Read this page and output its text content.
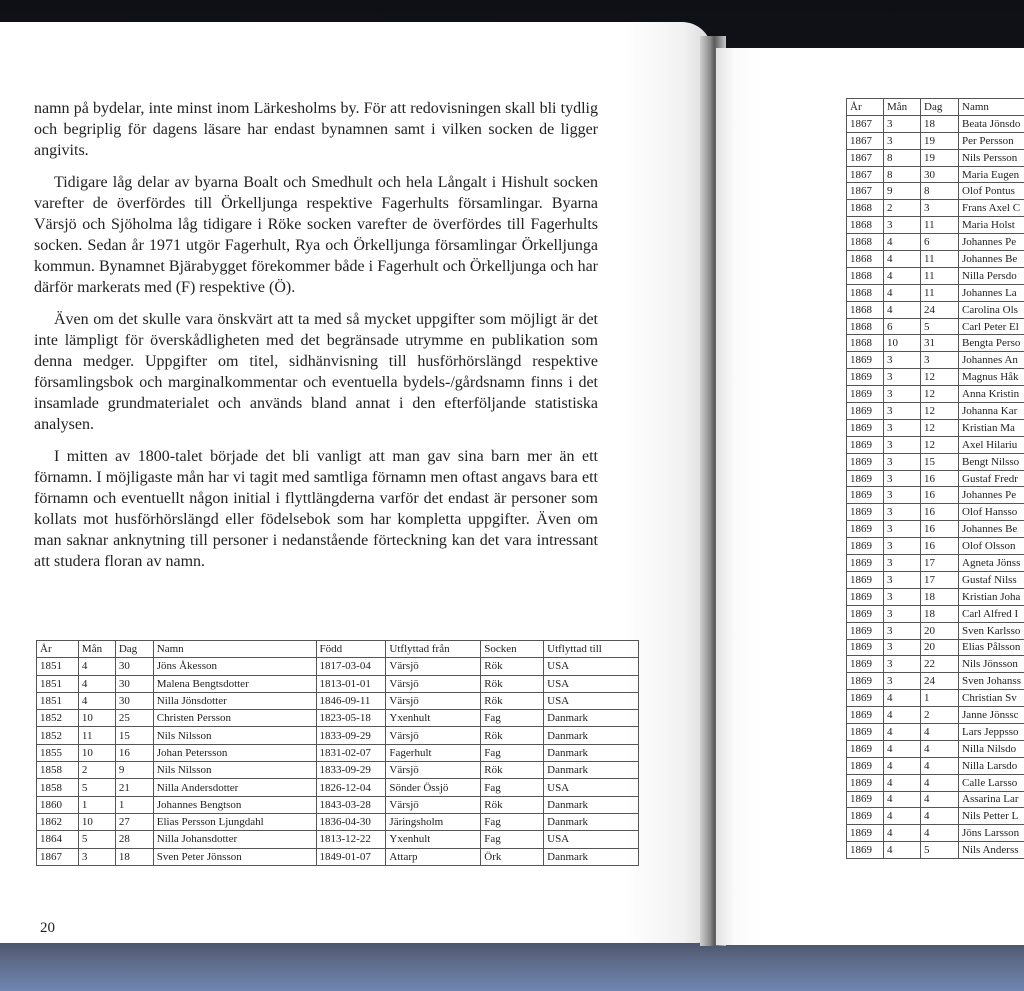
namn på bydelar, inte minst inom Lärkesholms by. För att redovisningen skall bli tydlig och begriplig för dagens läsare har endast bynamnen samt i vilken socken de ligger angivits.

Tidigare låg delar av byarna Boalt och Smedhult och hela Långalt i Hishult socken varefter de överfördes till Örkelljunga respektive Fagerhults församlingar. Byarna Värsjö och Sjöholma låg tidigare i Röke socken varefter de överfördes till Fagerhults socken. Sedan år 1971 utgör Fagerhult, Rya och Örkelljunga församlingar Örkelljunga kommun. Bynamnet Bjärabygget förekommer både i Fagerhult och Örkelljunga och har därför markerats med (F) respektive (Ö).

Även om det skulle vara önskvärt att ta med så mycket uppgifter som möjligt är det inte lämpligt för överskådligheten med det begränsade utrymme en publikation som denna medger. Uppgifter om titel, sidhänvisning till husförhörslängd respektive församlingsbok och marginalkommentar och eventuella bydels-/gårdsnamn finns i det insamlade grundmaterialet och används bland annat i den efterföljande statistiska analysen.

I mitten av 1800-talet började det bli vanligt att man gav sina barn mer än ett förnamn. I möjligaste mån har vi tagit med samtliga förnamn men oftast angavs bara ett förnamn och eventuellt någon initial i flyttlängderna varför det endast är personer som kollats mot husförhörslängd eller födelsebok som har kompletta uppgifter. Även om man saknar anknytning till personer i nedanstående förteckning kan det vara intressant att studera floran av namn.

20
År	Mån	Dag	Namn	Född	Utflyttad från	Socken	Utflyttad till
1851	4	30	Jöns Åkesson	1817-03-04	Värsjö	Rök	USA
1851	4	30	Malena Bengtsdotter	1813-01-01	Värsjö	Rök	USA
1851	4	30	Nilla Jönsdotter	1846-09-11	Värsjö	Rök	USA
1852	10	25	Christen Persson	1823-05-18	Yxenhult	Fag	Danmark
1852	11	15	Nils Nilsson	1833-09-29	Värsjö	Rök	Danmark
1855	10	16	Johan Petersson	1831-02-07	Fagerhult	Fag	Danmark
1858	2	9	Nils Nilsson	1833-09-29	Värsjö	Rök	Danmark
1858	5	21	Nilla Andersdotter	1826-12-04	Sönder Össjö	Fag	USA
1860	1	1	Johannes Bengtson	1843-03-28	Värsjö	Rök	Danmark
1862	10	27	Elias Persson Ljungdahl	1836-04-30	Järingsholm	Fag	Danmark
1864	5	28	Nilla Johansdotter	1813-12-22	Yxenhult	Fag	USA
1867	3	18	Sven Peter Jönsson	1849-01-07	Attarp	Örk	Danmark
År	Mån	Dag	Namn
1867	3	18	Beata Jönsdo
1867	3	19	Per Persson
1867	8	19	Nils Persson
1867	8	30	Maria Eugen
1867	9	8	Olof Pontus
1868	2	3	Frans Axel C
1868	3	11	Maria Holst
1868	4	6	Johannes Pe
1868	4	11	Johannes Be
1868	4	11	Nilla Persdo
1868	4	11	Johannes La
1868	4	24	Carolina Ols
1868	6	5	Carl Peter El
1868	10	31	Bengta Perso
1869	3	3	Johannes An
1869	3	12	Magnus Håk
1869	3	12	Anna Kristin
1869	3	12	Johanna Kar
1869	3	12	Kristian Ma
1869	3	12	Axel Hilariu
1869	3	15	Bengt Nilsso
1869	3	16	Gustaf Fredr
1869	3	16	Johannes Pe
1869	3	16	Olof Hansso
1869	3	16	Johannes Be
1869	3	16	Olof Olsson
1869	3	17	Agneta Jönss
1869	3	17	Gustaf Nilss
1869	3	18	Kristian Joha
1869	3	18	Carl Alfred I
1869	3	20	Sven Karlsso
1869	3	20	Elias Pålsson
1869	3	22	Nils Jönsson
1869	3	24	Sven Johanss
1869	4	1	Christian Sv
1869	4	2	Janne Jönssc
1869	4	4	Lars Jeppsso
1869	4	4	Nilla Nilsdo
1869	4	4	Nilla Larsdo
1869	4	4	Calle Larsso
1869	4	4	Assarina Lar
1869	4	4	Nils Petter L
1869	4	4	Jöns Larsson
1869	4	5	Nils Anderss
